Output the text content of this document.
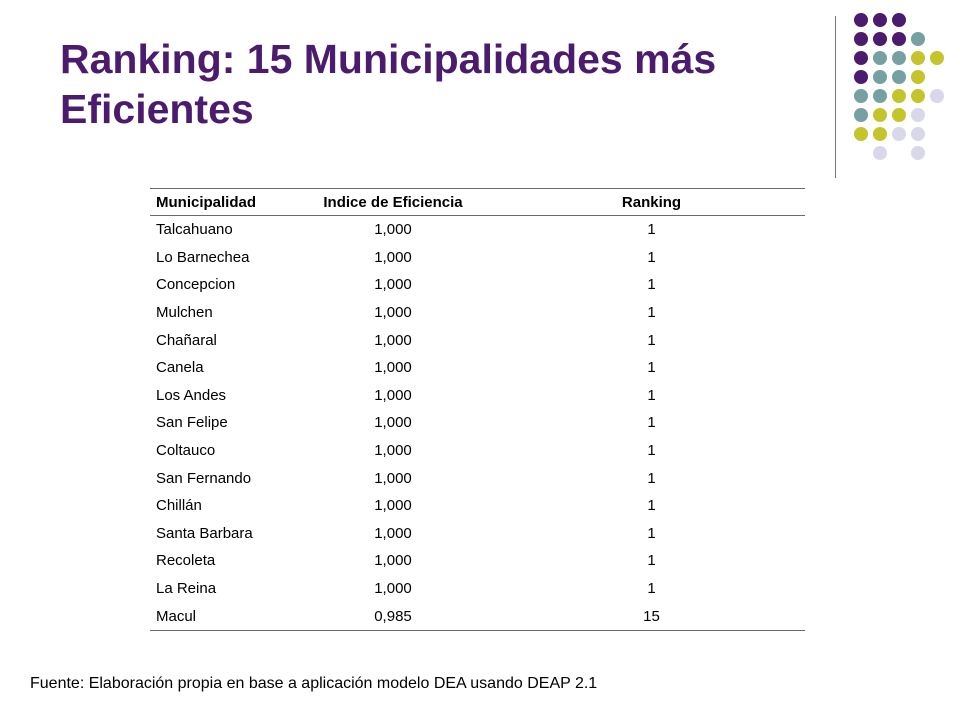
Ranking: 15 Municipalidades más Eficientes
Municipalidad	Indice de Eficiencia	Ranking
Talcahuano	1,000	1
Lo Barnechea	1,000	1
Concepcion	1,000	1
Mulchen	1,000	1
Chañaral	1,000	1
Canela	1,000	1
Los Andes	1,000	1
San Felipe	1,000	1
Coltauco	1,000	1
San Fernando	1,000	1
Chillán	1,000	1
Santa Barbara	1,000	1
Recoleta	1,000	1
La Reina	1,000	1
Macul	0,985	15

Fuente: Elaboración propia en base a aplicación modelo DEA usando DEAP 2.1
